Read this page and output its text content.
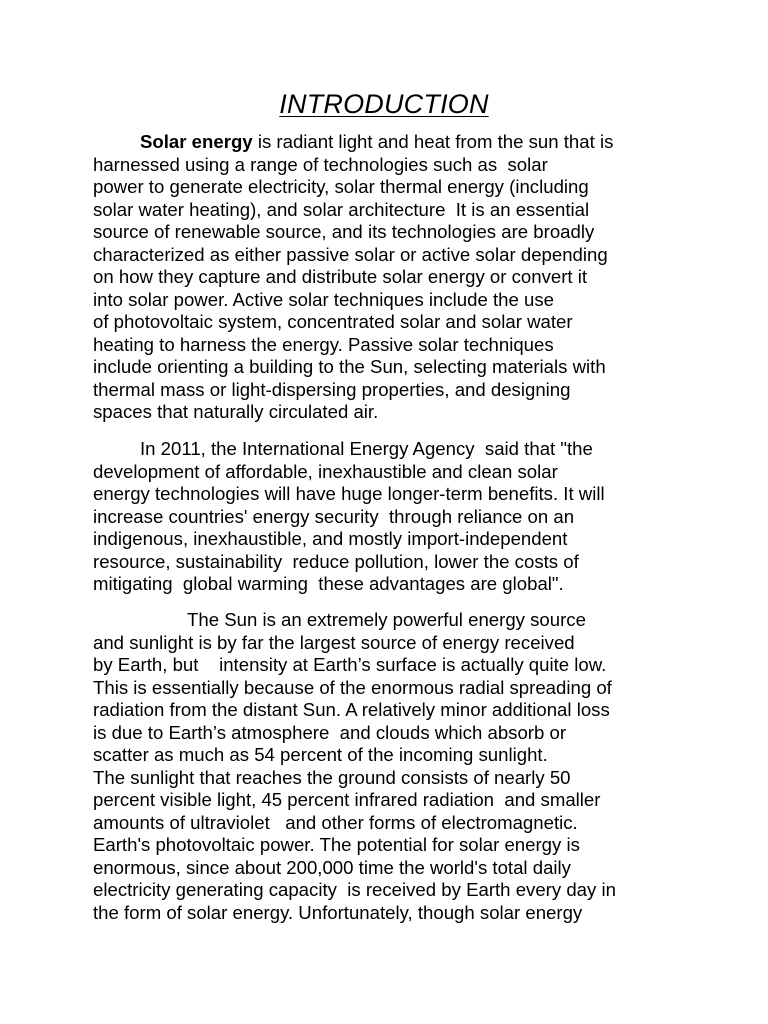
INTRODUCTION
Solar energy is radiant light and heat from the sun that is
harnessed using a range of technologies such as  solar
power to generate electricity, solar thermal energy (including
solar water heating), and solar architecture  It is an essential
source of renewable source, and its technologies are broadly
characterized as either passive solar or active solar depending
on how they capture and distribute solar energy or convert it
into solar power. Active solar techniques include the use
of photovoltaic system, concentrated solar and solar water
heating to harness the energy. Passive solar techniques
include orienting a building to the Sun, selecting materials with
thermal mass or light-dispersing properties, and designing
spaces that naturally circulated air.
In 2011, the International Energy Agency  said that "the
development of affordable, inexhaustible and clean solar
energy technologies will have huge longer-term benefits. It will
increase countries' energy security  through reliance on an
indigenous, inexhaustible, and mostly import-independent
resource, sustainability  reduce pollution, lower the costs of
mitigating  global warming  these advantages are global".
The Sun is an extremely powerful energy source
and sunlight is by far the largest source of energy received
by Earth, but    intensity at Earth’s surface is actually quite low.
This is essentially because of the enormous radial spreading of
radiation from the distant Sun. A relatively minor additional loss
is due to Earth’s atmosphere  and clouds which absorb or
scatter as much as 54 percent of the incoming sunlight.
The sunlight that reaches the ground consists of nearly 50
percent visible light, 45 percent infrared radiation  and smaller
amounts of ultraviolet   and other forms of electromagnetic.
Earth's photovoltaic power. The potential for solar energy is
enormous, since about 200,000 time the world's total daily
electricity generating capacity  is received by Earth every day in
the form of solar energy. Unfortunately, though solar energy
